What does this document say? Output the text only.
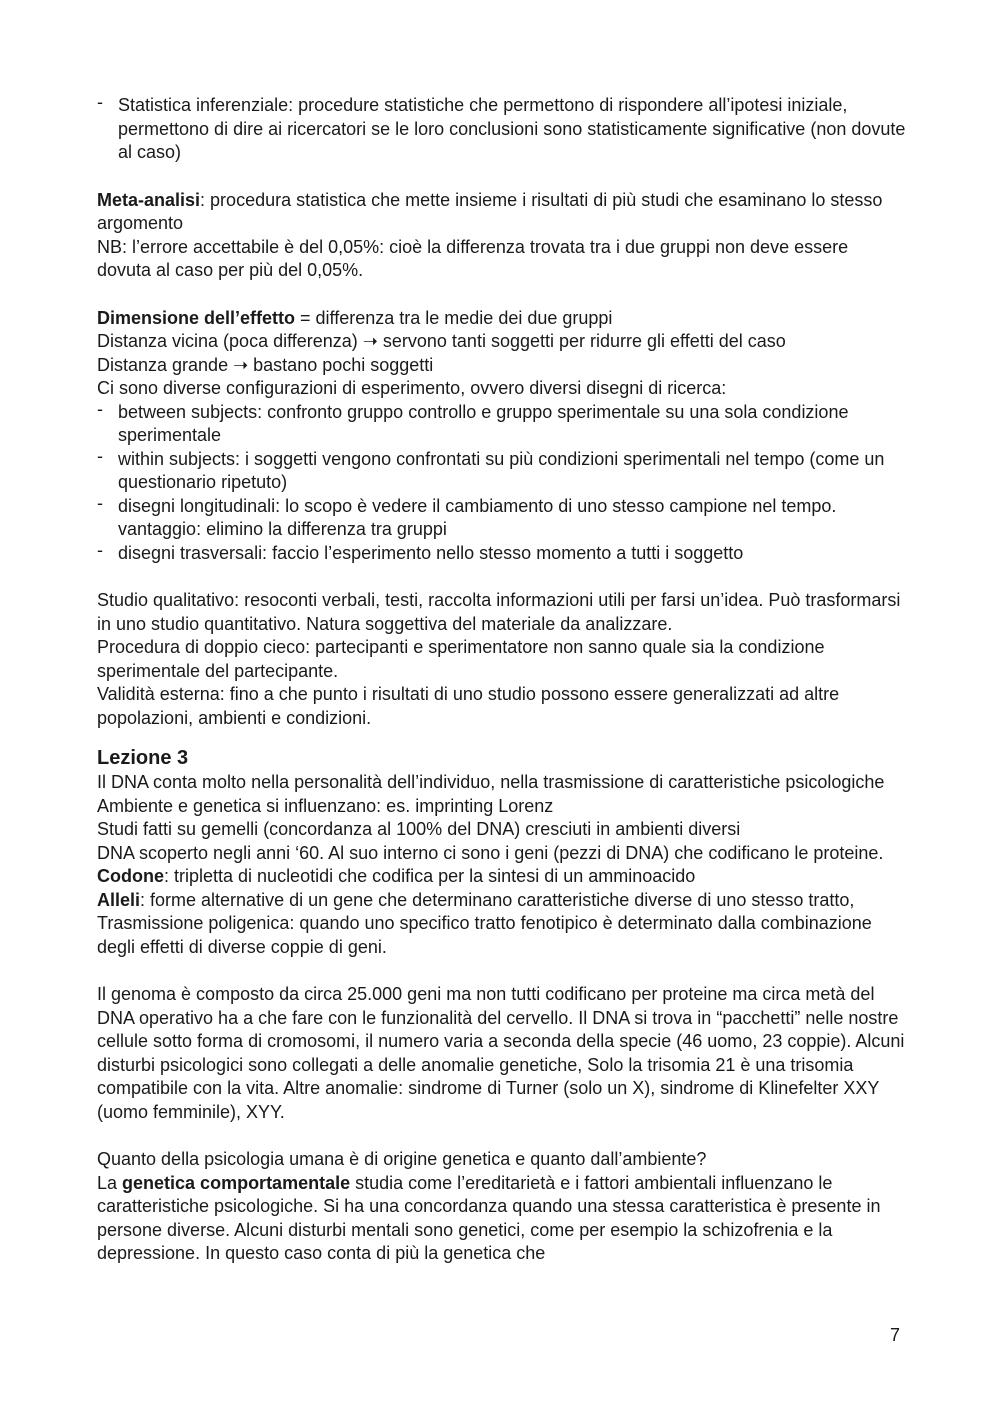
- Statistica inferenziale: procedure statistiche che permettono di rispondere all’ipotesi iniziale, permettono di dire ai ricercatori se le loro conclusioni sono statisticamente significative (non dovute al caso)

Meta-analisi: procedura statistica che mette insieme i risultati di più studi che esaminano lo stesso argomento

NB: l’errore accettabile è del 0,05%: cioè la differenza trovata tra i due gruppi non deve essere dovuta al caso per più del 0,05%.

Dimensione dell’effetto = differenza tra le medie dei due gruppi

Distanza vicina (poca differenza) ➝ servono tanti soggetti per ridurre gli effetti del caso

Distanza grande ➝ bastano pochi soggetti

Ci sono diverse configurazioni di esperimento, ovvero diversi disegni di ricerca:

- between subjects: confronto gruppo controllo e gruppo sperimentale su una sola condizione sperimentale

- within subjects: i soggetti vengono confrontati su più condizioni sperimentali nel tempo (come un questionario ripetuto)

- disegni longitudinali: lo scopo è vedere il cambiamento di uno stesso campione nel tempo. vantaggio: elimino la differenza tra gruppi

- disegni trasversali: faccio l’esperimento nello stesso momento a tutti i soggetto

Studio qualitativo: resoconti verbali, testi, raccolta informazioni utili per farsi un’idea. Può trasformarsi in uno studio quantitativo. Natura soggettiva del materiale da analizzare.

Procedura di doppio cieco: partecipanti e sperimentatore non sanno quale sia la condizione sperimentale del partecipante.

Validità esterna: fino a che punto i risultati di uno studio possono essere generalizzati ad altre popolazioni, ambienti e condizioni.

Lezione 3

Il DNA conta molto nella personalità dell’individuo, nella trasmissione di caratteristiche psicologiche Ambiente e genetica si influenzano: es. imprinting Lorenz

Studi fatti su gemelli (concordanza al 100% del DNA) cresciuti in ambienti diversi

DNA scoperto negli anni ‘60. Al suo interno ci sono i geni (pezzi di DNA) che codificano le proteine.

Codone: tripletta di nucleotidi che codifica per la sintesi di un amminoacido

Alleli: forme alternative di un gene che determinano caratteristiche diverse di uno stesso tratto, Trasmissione poligenica: quando uno specifico tratto fenotipico è determinato dalla combinazione degli effetti di diverse coppie di geni.

Il genoma è composto da circa 25.000 geni ma non tutti codificano per proteine ma circa metà del DNA operativo ha a che fare con le funzionalità del cervello. Il DNA si trova in “pacchetti” nelle nostre cellule sotto forma di cromosomi, il numero varia a seconda della specie (46 uomo, 23 coppie). Alcuni disturbi psicologici sono collegati a delle anomalie genetiche, Solo la trisomia 21 è una trisomia compatibile con la vita. Altre anomalie: sindrome di Turner (solo un X), sindrome di Klinefelter XXY (uomo femminile), XYY.

Quanto della psicologia umana è di origine genetica e quanto dall’ambiente?

La genetica comportamentale studia come l’ereditarietà e i fattori ambientali influenzano le caratteristiche psicologiche. Si ha una concordanza quando una stessa caratteristica è presente in persone diverse. Alcuni disturbi mentali sono genetici, come per esempio la schizofrenia e la depressione. In questo caso conta di più la genetica che

7
